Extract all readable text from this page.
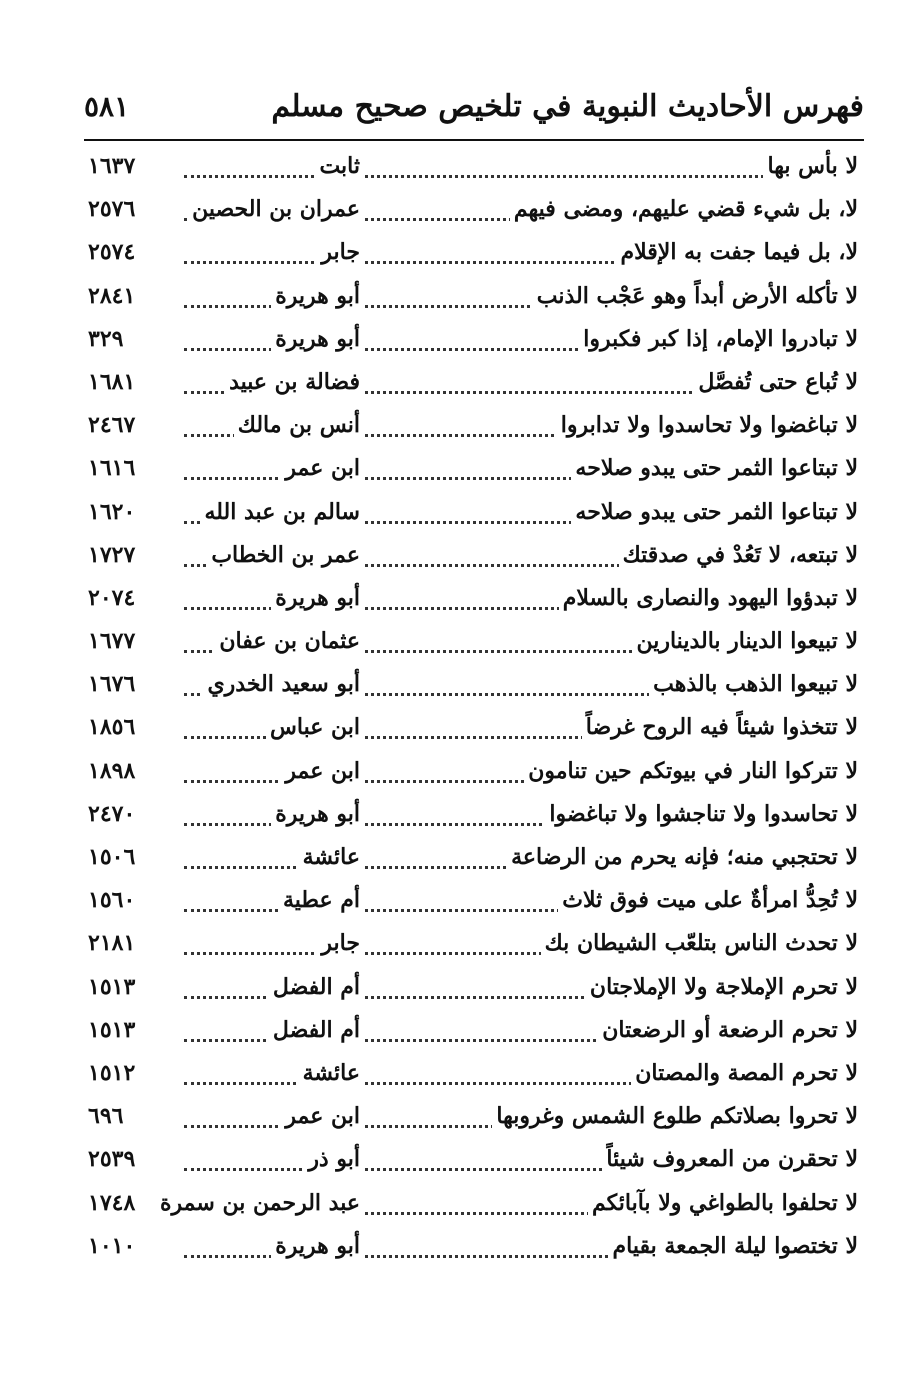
فهرس الأحاديث النبوية في تلخيص صحيح مسلم
٥٨١
لا بأس بها
ثابت
١٦٣٧
لا، بل شيء قضي عليهم، ومضى فيهم
عمران بن الحصين
٢٥٧٦
لا، بل فيما جفت به الإقلام
جابر
٢٥٧٤
لا تأكله الأرض أبداً وهو عَجْب الذنب
أبو هريرة
٢٨٤١
لا تبادروا الإمام، إذا كبر فكبروا
أبو هريرة
٣٢٩
لا تُباع حتى تُفصَّل
فضالة بن عبيد
١٦٨١
لا تباغضوا ولا تحاسدوا ولا تدابروا
أنس بن مالك
٢٤٦٧
لا تبتاعوا الثمر حتى يبدو صلاحه
ابن عمر
١٦١٦
لا تبتاعوا الثمر حتى يبدو صلاحه
سالم بن عبد الله
١٦٢٠
لا تبتعه، لا تَعُدْ في صدقتك
عمر بن الخطاب
١٧٢٧
لا تبدؤوا اليهود والنصارى بالسلام
أبو هريرة
٢٠٧٤
لا تبيعوا الدينار بالدينارين
عثمان بن عفان
١٦٧٧
لا تبيعوا الذهب بالذهب
أبو سعيد الخدري
١٦٧٦
لا تتخذوا شيئاً فيه الروح غرضاً
ابن عباس
١٨٥٦
لا تتركوا النار في بيوتكم حين تنامون
ابن عمر
١٨٩٨
لا تحاسدوا ولا تناجشوا ولا تباغضوا
أبو هريرة
٢٤٧٠
لا تحتجبي منه؛ فإنه يحرم من الرضاعة
عائشة
١٥٠٦
لا تُحِدُّ امرأةٌ على ميت فوق ثلاث
أم عطية
١٥٦٠
لا تحدث الناس بتلعّب الشيطان بك
جابر
٢١٨١
لا تحرم الإملاجة ولا الإملاجتان
أم الفضل
١٥١٣
لا تحرم الرضعة أو الرضعتان
أم الفضل
١٥١٣
لا تحرم المصة والمصتان
عائشة
١٥١٢
لا تحروا بصلاتكم طلوع الشمس وغروبها
ابن عمر
٦٩٦
لا تحقرن من المعروف شيئاً
أبو ذر
٢٥٣٩
لا تحلفوا بالطواغي ولا بآبائكم
عبد الرحمن بن سمرة
١٧٤٨
لا تختصوا ليلة الجمعة بقيام
أبو هريرة
١٠١٠
